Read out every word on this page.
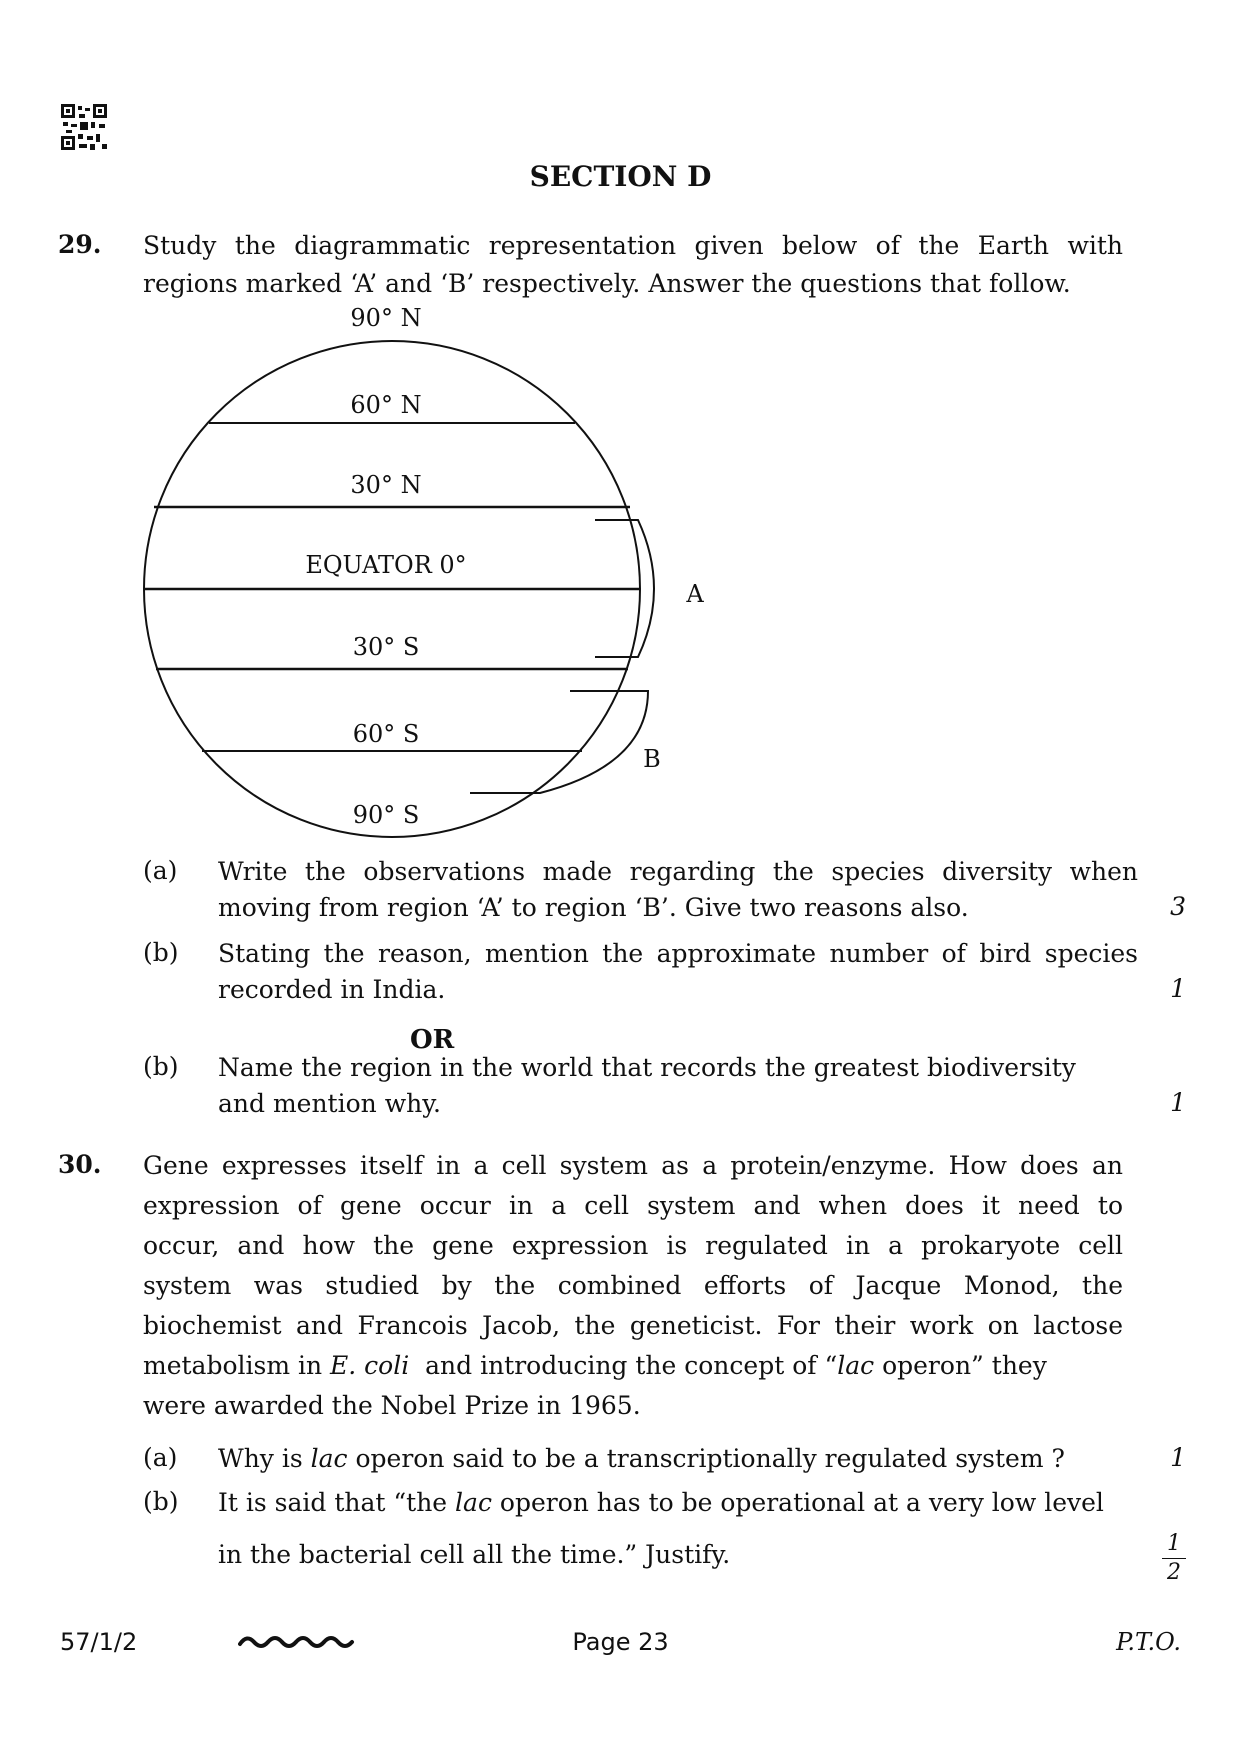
SECTION D
29. Study the diagrammatic representation given below of the Earth with
regions marked ‘A’ and ‘B’ respectively. Answer the questions that follow.
90° N
60° N
30° N
EQUATOR 0°
30° S
60° S
90° S
A
B
(a) Write the observations made regarding the species diversity when
moving from region ‘A’ to region ‘B’. Give two reasons also.	3
(b) Stating the reason, mention the approximate number of bird species
recorded in India.	1
OR
(b) Name the region in the world that records the greatest biodiversity
and mention why.	1
30. Gene expresses itself in a cell system as a protein/enzyme. How does an
expression of gene occur in a cell system and when does it need to
occur, and how the gene expression is regulated in a prokaryote cell
system was studied by the combined efforts of Jacque Monod, the
biochemist and Francois Jacob, the geneticist. For their work on lactose
metabolism in E. coli  and introducing the concept of “lac operon” they
were awarded the Nobel Prize in 1965.
(a) Why is lac operon said to be a transcriptionally regulated system ?	1
(b) It is said that “the lac operon has to be operational at a very low level
in the bacterial cell all the time.” Justify.	$\frac{1}{2}$
57/1/2	Page 23	P.T.O.
